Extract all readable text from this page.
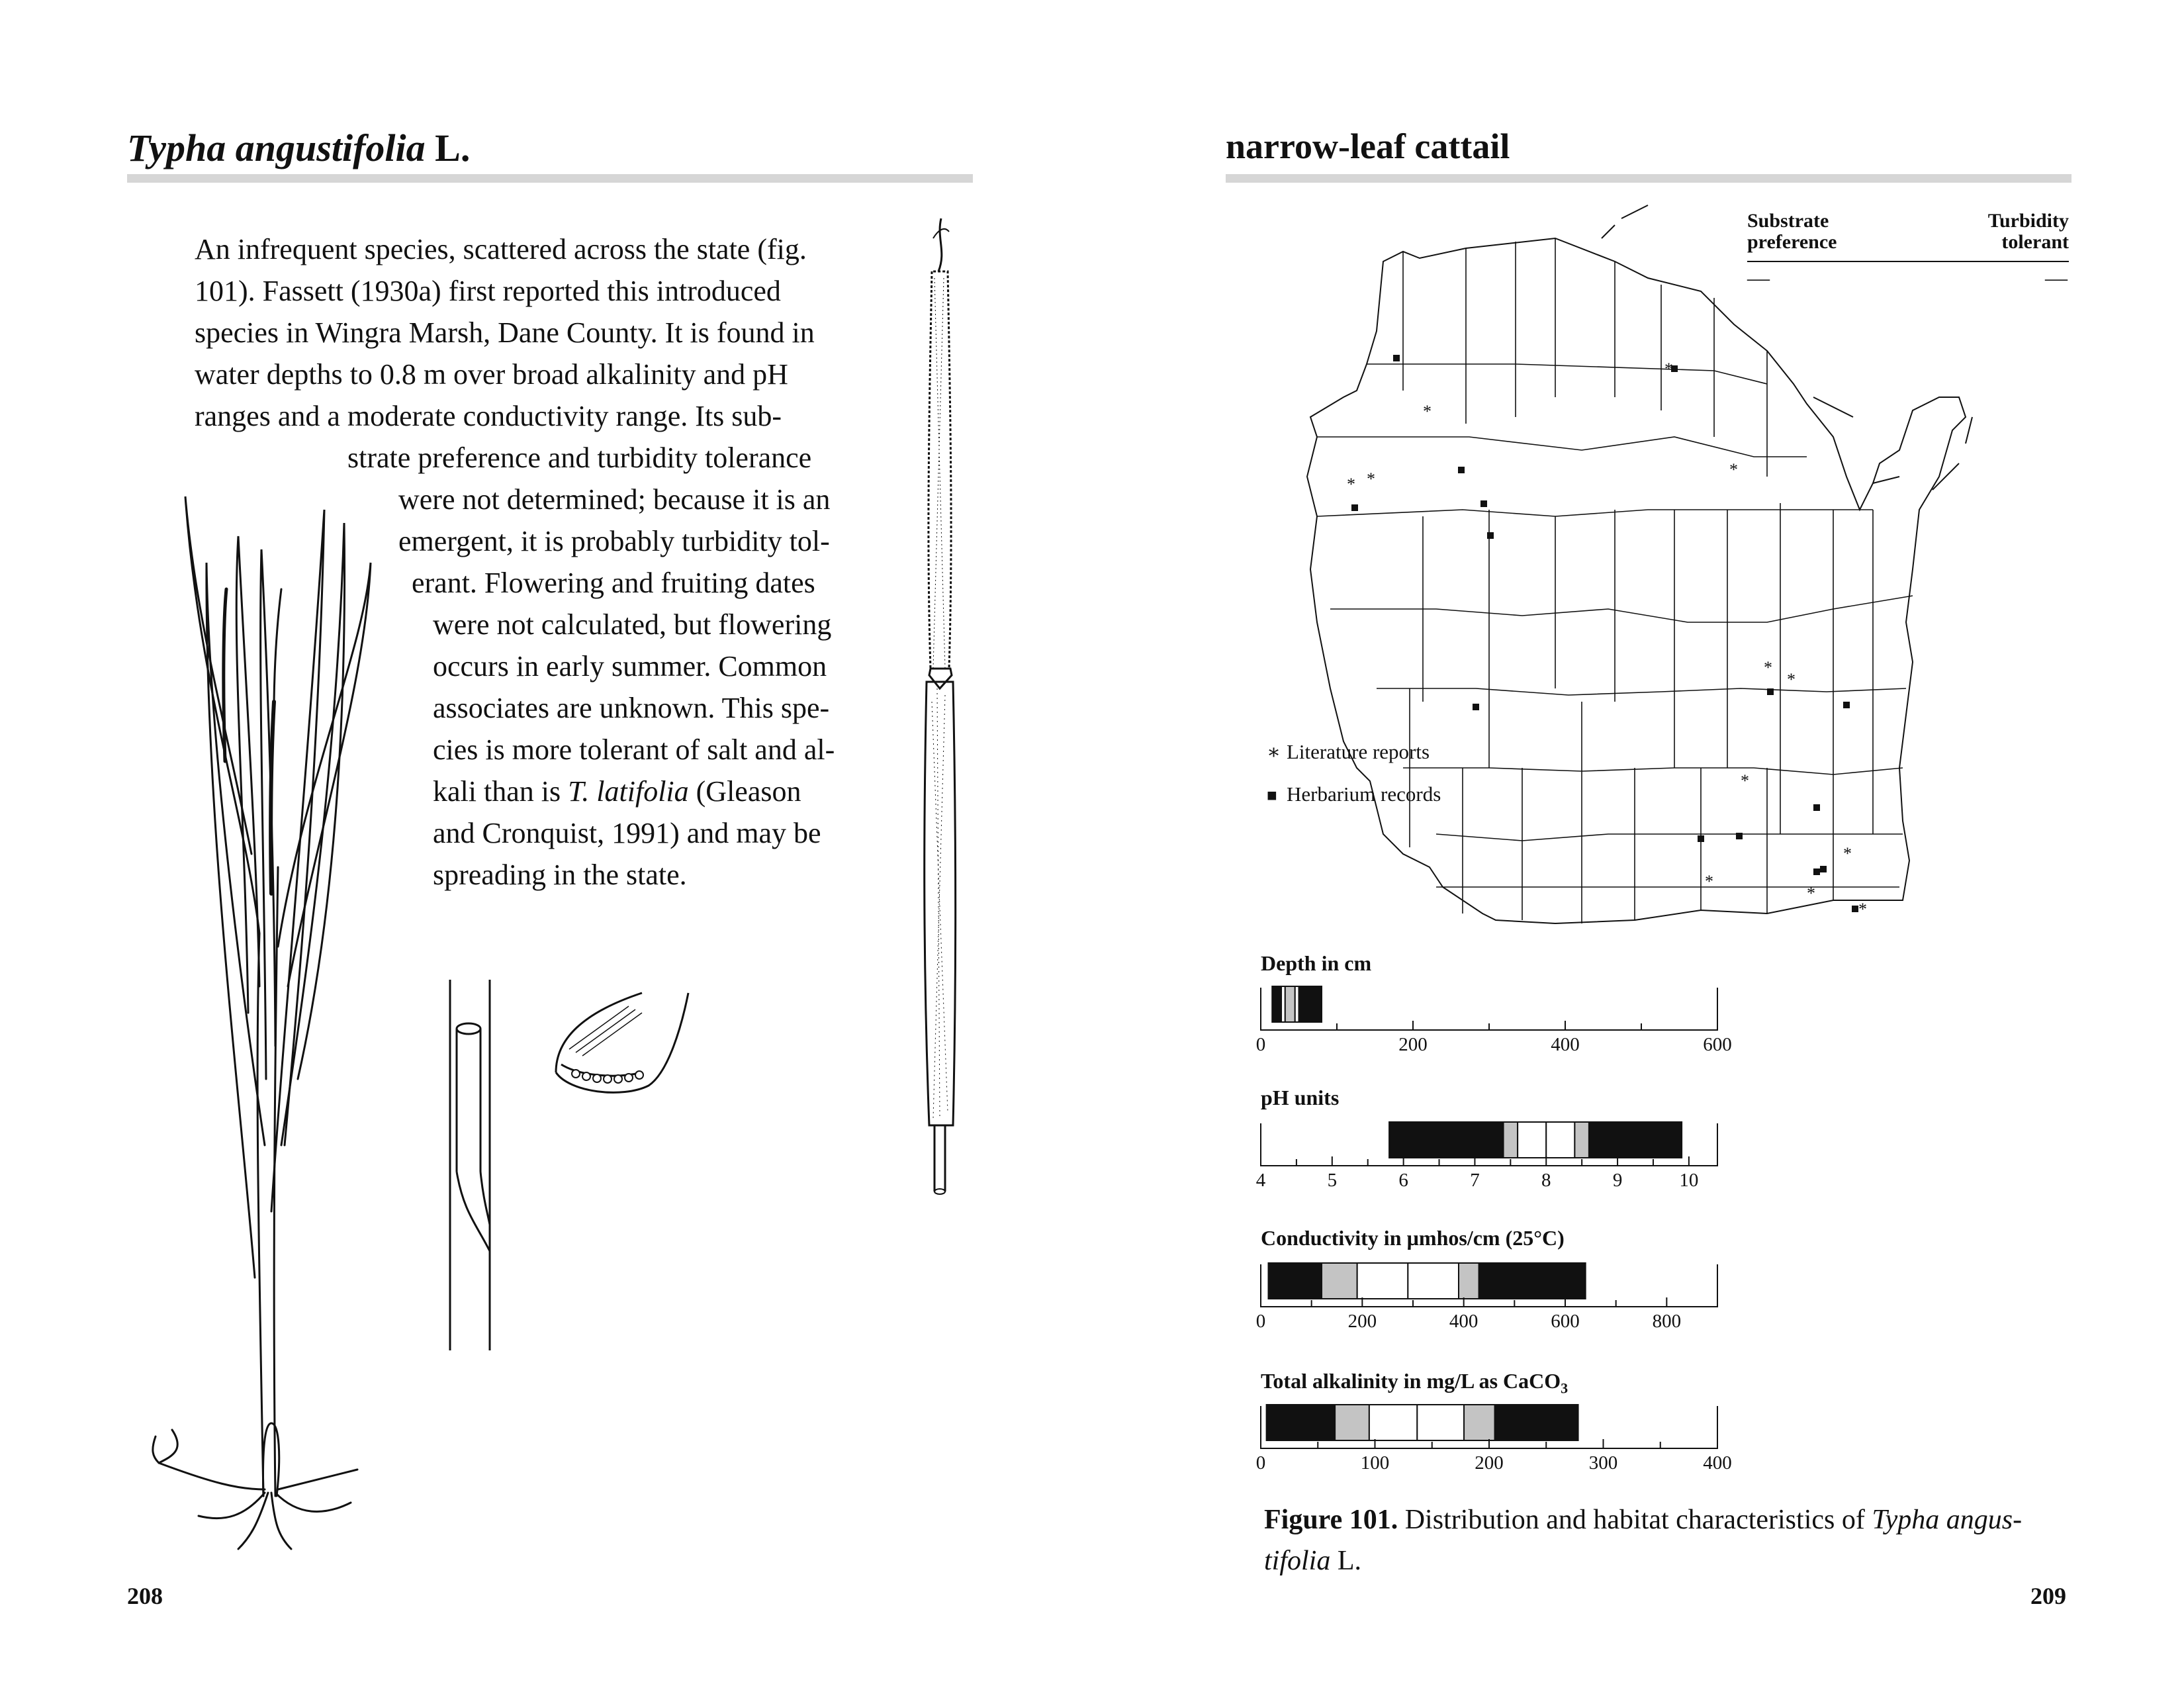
Typha angustifolia L.
An infrequent species, scattered across the state (fig.
101). Fassett (1930a) first reported this introduced
species in Wingra Marsh, Dane County. It is found in
water depths to 0.8 m over broad alkalinity and pH
ranges and a moderate conductivity range. Its sub-
strate preference and turbidity tolerance
were not determined; because it is an
emergent, it is probably turbidity tol-
erant. Flowering and fruiting dates
were not calculated, but flowering
occurs in early summer. Common
associates are unknown. This spe-
cies is more tolerant of salt and al-
kali than is T. latifolia (Gleason
and Cronquist, 1991) and may be
spreading in the state.
208
narrow-leaf cattail
Substrate
preference
Turbidity
tolerant
—	—
*
*
*
* *
*
*
*
*
*
*
*
∗ Literature reports
■ Herbarium records
Depth in cm
0	200	400	600
pH units
4	5	6	7	8	9	10
Conductivity in µmhos/cm (25°C)
0	200	400	600	800
Total alkalinity in mg/L as CaCO$_3$
0	100	200	300	400
Figure 101. Distribution and habitat characteristics of Typha angus-
tifolia L.
209
